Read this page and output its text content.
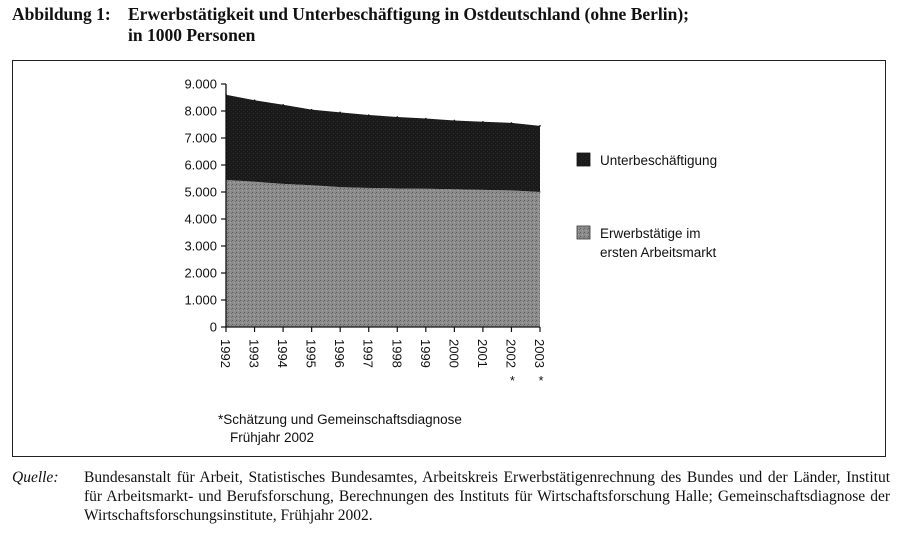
Abbildung 1: Erwerbstätigkeit und Unterbeschäftigung in Ostdeutschland (ohne Berlin);
in 1000 Personen
0
1.000
2.000
3.000
4.000
5.000
6.000
7.000
8.000
9.000
1992 1993 1994 1995 1996 1997 1998 1999 2000 2001 2002
*
2003
*
Unterbeschäftigung
Erwerbstätige im
ersten Arbeitsmarkt
*Schätzung und Gemeinschaftsdiagnose
Frühjahr 2002
Quelle: Bundesanstalt für Arbeit, Statistisches Bundesamtes, Arbeitskreis Erwerbstätigenrechnung des Bundes und der Länder, Institut für Arbeitsmarkt- und Berufsforschung, Berechnungen des Instituts für Wirtschaftsforschung Halle; Gemeinschaftsdiagnose der Wirtschaftsforschungsinstitute, Frühjahr 2002.
